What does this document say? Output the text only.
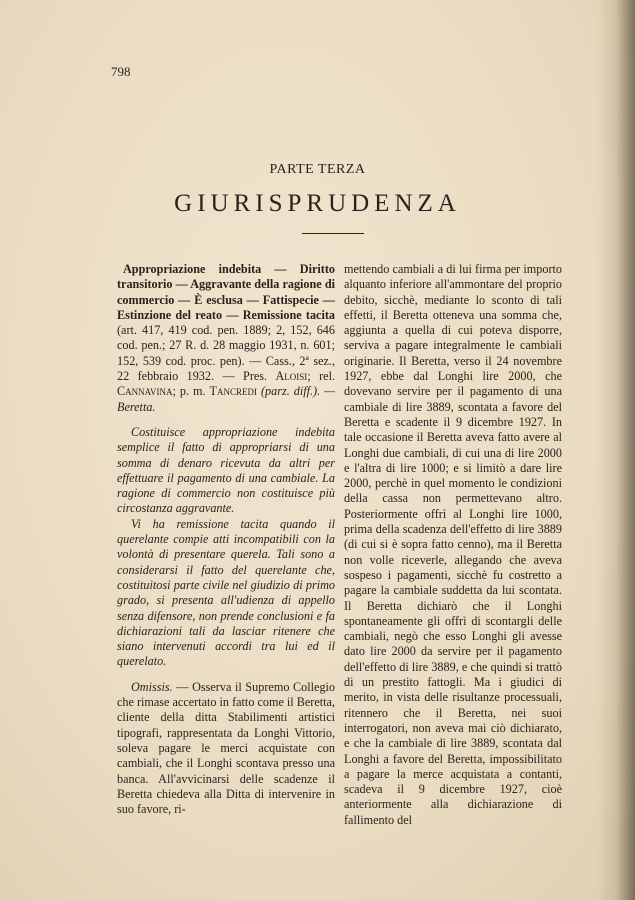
798
PARTE TERZA
GIURISPRUDENZA

Appropriazione indebita — Diritto transitorio — Aggravante della ragione di commercio — È esclusa — Fattispecie — Estinzione del reato — Remissione tacita (art. 417, 419 cod. pen. 1889; 2, 152, 646 cod. pen.; 27 R. d. 28 maggio 1931, n. 601; 152, 539 cod. proc. pen). — Cass., 2ª sez., 22 febbraio 1932. — Pres. Aloisi; rel. Cannavina; p. m. Tancredi (parz. diff.). — Beretta.

Costituisce appropriazione indebita semplice il fatto di appropriarsi di una somma di denaro ricevuta da altri per effettuare il pagamento di una cambiale. La ragione di commercio non costituisce più circostanza aggravante.

Vi ha remissione tacita quando il querelante compie atti incompatibili con la volontà di presentare querela. Tali sono a considerarsi il fatto del querelante che, costituitosi parte civile nel giudizio di primo grado, si presenta all'udienza di appello senza difensore, non prende conclusioni e fa dichiarazioni tali da lasciar ritenere che siano intervenuti accordi tra lui ed il querelato.

Omissis. — Osserva il Supremo Collegio che rimase accertato in fatto come il Beretta, cliente della ditta Stabilimenti artistici tipografi, rappresentata da Longhi Vittorio, soleva pagare le merci acquistate con cambiali, che il Longhi scontava presso una banca. All'avvicinarsi delle scadenze il Beretta chiedeva alla Ditta di intervenire in suo favore, ri-

mettendo cambiali a di lui firma per importo alquanto inferiore all'ammontare del proprio debito, sicchè, mediante lo sconto di tali effetti, il Beretta otteneva una somma che, aggiunta a quella di cui poteva disporre, serviva a pagare integralmente le cambiali originarie. Il Beretta, verso il 24 novembre 1927, ebbe dal Longhi lire 2000, che dovevano servire per il pagamento di una cambiale di lire 3889, scontata a favore del Beretta e scadente il 9 dicembre 1927. In tale occasione il Beretta aveva fatto avere al Longhi due cambiali, di cui una di lire 2000 e l'altra di lire 1000; e si limitò a dare lire 2000, perchè in quel momento le condizioni della cassa non permettevano altro. Posteriormente offrì al Longhi lire 1000, prima della scadenza dell'effetto di lire 3889 (di cui si è sopra fatto cenno), ma il Beretta non volle riceverle, allegando che aveva sospeso i pagamenti, sicchè fu costretto a pagare la cambiale suddetta da lui scontata. Il Beretta dichiarò che il Longhi spontaneamente gli offrì di scontargli delle cambiali, negò che esso Longhi gli avesse dato lire 2000 da servire per il pagamento dell'effetto di lire 3889, e che quindi si trattò di un prestito fattogli. Ma i giudici di merito, in vista delle risultanze processuali, ritennero che il Beretta, nei suoi interrogatori, non aveva mai ciò dichiarato, e che la cambiale di lire 3889, scontata dal Longhi a favore del Beretta, impossibilitato a pagare la merce acquistata a contanti, scadeva il 9 dicembre 1927, cioè anteriormente alla dichiarazione di fallimento del
